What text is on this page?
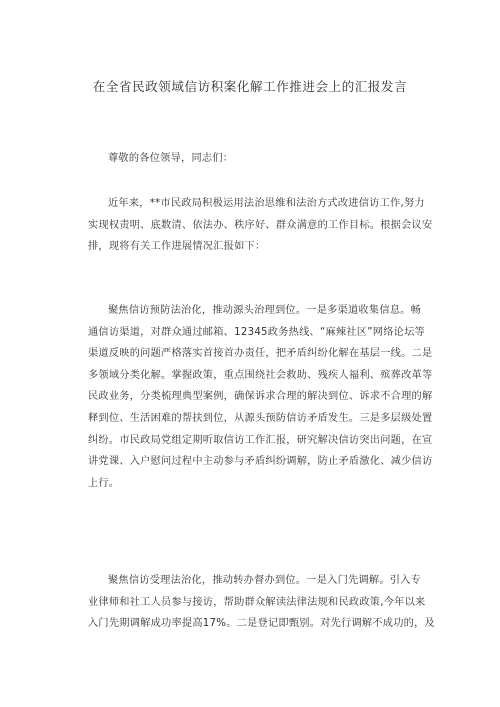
在全省民政领域信访积案化解工作推进会上的汇报发言
尊敬的各位领导，同志们：
近年来，**市民政局积极运用法治思维和法治方式改进信访工作,努力
实现权责明、底数清、依法办、秩序好、群众满意的工作目标。根据会议安
排，现将有关工作进展情况汇报如下：
聚焦信访预防法治化，推动源头治理到位。一是多渠道收集信息。畅
通信访渠道，对群众通过邮箱、12345政务热线、“麻辣社区”网络论坛等
渠道反映的问题严格落实首接首办责任，把矛盾纠纷化解在基层一线。二是
多领域分类化解。掌握政策，重点围绕社会救助、残疾人福利、殡葬改革等
民政业务，分类梳理典型案例，确保诉求合理的解决到位、诉求不合理的解
释到位、生活困难的帮扶到位，从源头预防信访矛盾发生。三是多层级处置
纠纷。市民政局党组定期听取信访工作汇报，研究解决信访突出问题，在宣
讲党课、入户慰问过程中主动参与矛盾纠纷调解，防止矛盾激化、减少信访
上行。
聚焦信访受理法治化，推动转办督办到位。一是入门先调解。引入专
业律师和社工人员参与接访，帮助群众解读法律法规和民政政策,今年以来
入门先期调解成功率提高17%。二是登记即甄别。对先行调解不成功的，及
